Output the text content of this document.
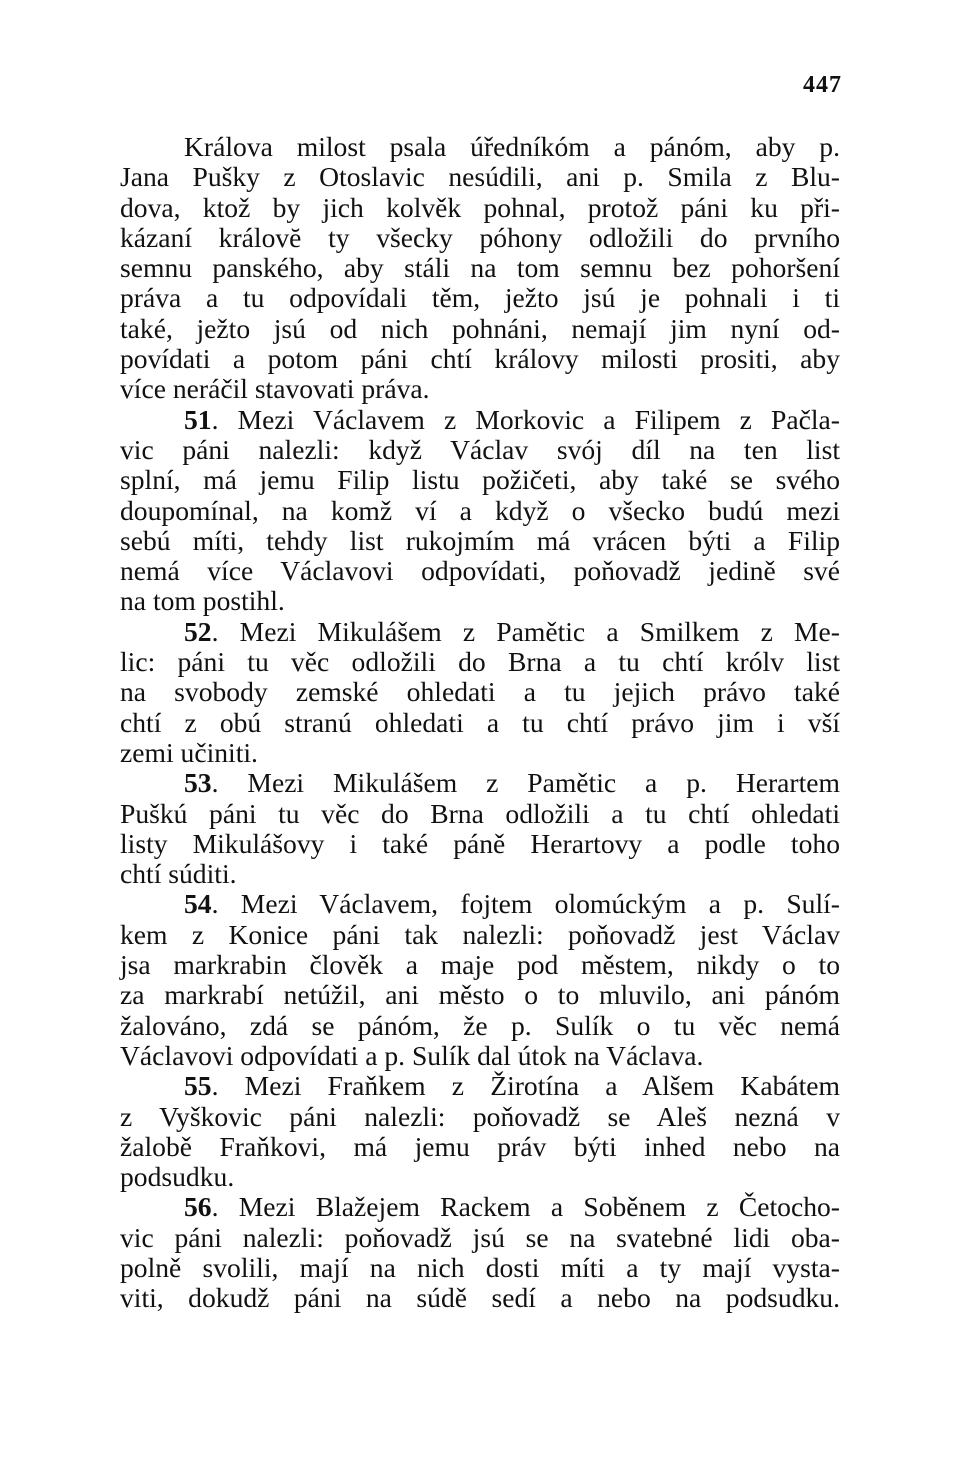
447

Králova milost psala úředníkóm a pánóm, aby p.
Jana Pušky z Otoslavic nesúdili, ani p. Smila z Blu-
dova, ktož by jich kolvěk pohnal, protož páni ku při-
kázaní královĕ ty všecky póhony odložili do prvního
semnu panského, aby stáli na tom semnu bez pohoršení
práva a tu odpovídali těm, ježto jsú je pohnali i ti
také, ježto jsú od nich pohnáni, nemají jim nyní od-
povídati a potom páni chtí královy milosti prositi, aby
více neráčil stavovati práva.

51. Mezi Václavem z Morkovic a Filipem z Pačla-
vic páni nalezli: když Václav svój díl na ten list
splní, má jemu Filip listu požičeti, aby také se svého
doupomínal, na komž ví a když o všecko budú mezi
sebú míti, tehdy list rukojmím má vrácen býti a Filip
nemá více Václavovi odpovídati, poňovadž jedině své
na tom postihl.

52. Mezi Mikulášem z Pamětic a Smilkem z Me-
lic: páni tu věc odložili do Brna a tu chtí królv list
na svobody zemské ohledati a tu jejich právo také
chtí z obú stranú ohledati a tu chtí právo jim i vší
zemi učiniti.

53. Mezi Mikulášem z Pamětic a p. Herartem
Puškú páni tu věc do Brna odložili a tu chtí ohledati
listy Mikulášovy i také páně Herartovy a podle toho
chtí súditi.

54. Mezi Václavem, fojtem olomúckým a p. Sulí-
kem z Konice páni tak nalezli: poňovadž jest Václav
jsa markrabin člověk a maje pod městem, nikdy o to
za markrabí netúžil, ani město o to mluvilo, ani pánóm
žalováno, zdá se pánóm, že p. Sulík o tu věc nemá
Václavovi odpovídati a p. Sulík dal útok na Václava.

55. Mezi Fraňkem z Žirotína a Alšem Kabátem
z Vyškovic páni nalezli: poňovadž se Aleš nezná v
žalobě Fraňkovi, má jemu práv býti inhed nebo na
podsudku.

56. Mezi Blažejem Rackem a Soběnem z Četocho-
vic páni nalezli: poňovadž jsú se na svatebné lidi oba-
polně svolili, mají na nich dosti míti a ty mají vysta-
viti, dokudž páni na súdě sedí a nebo na podsudku.
